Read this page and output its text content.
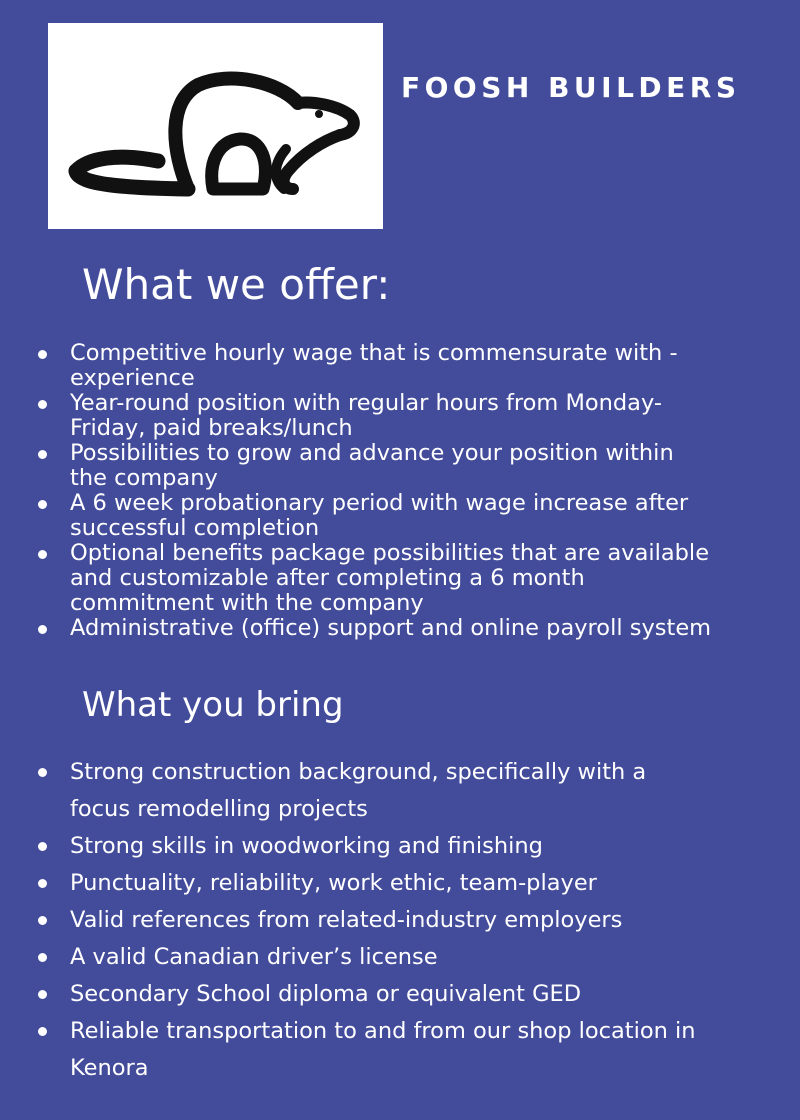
FOOSH BUILDERS
What we offer:
Competitive hourly wage that is commensurate with -
experience
Year-round position with regular hours from Monday-
Friday, paid breaks/lunch
Possibilities to grow and advance your position within
the company
A 6 week probationary period with wage increase after
successful completion
Optional benefits package possibilities that are available
and customizable after completing a 6 month
commitment with the company
Administrative (office) support and online payroll system
What you bring
Strong construction background, specifically with a
focus remodelling projects
Strong skills in woodworking and finishing
Punctuality, reliability, work ethic, team-player
Valid references from related-industry employers
A valid Canadian driver’s license
Secondary School diploma or equivalent GED
Reliable transportation to and from our shop location in
Kenora
